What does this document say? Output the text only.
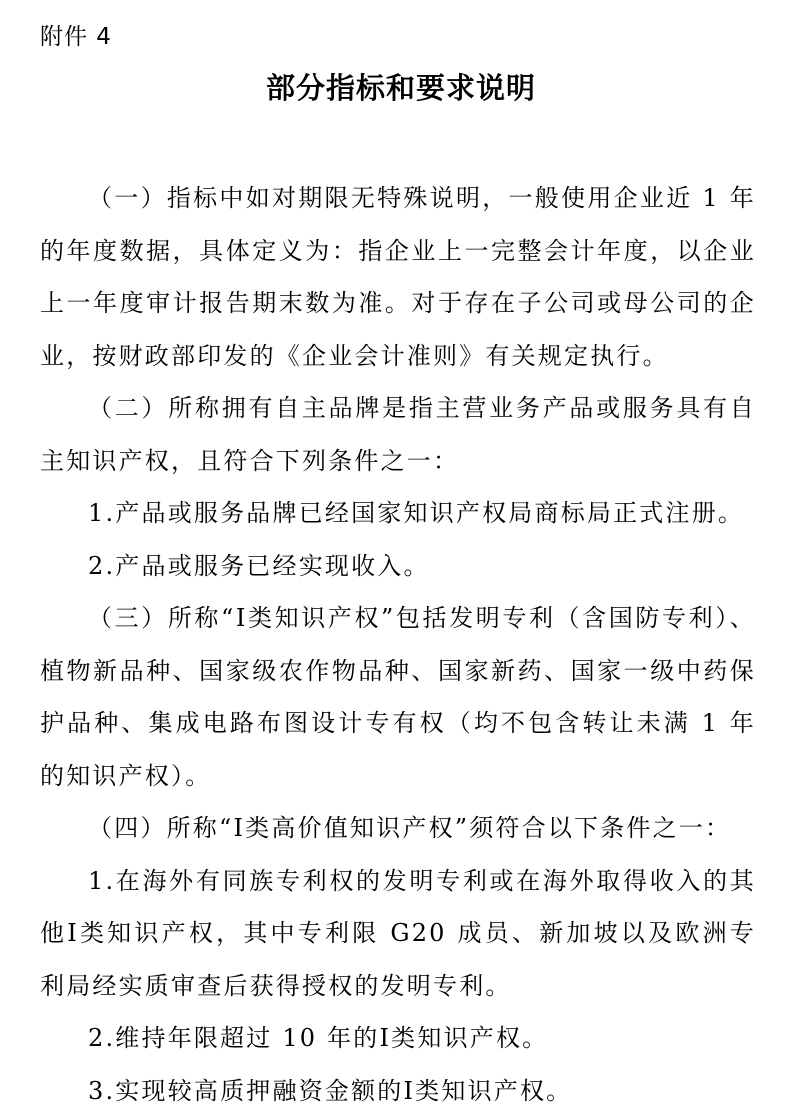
附件 4
部分指标和要求说明

（一）指标中如对期限无特殊说明，一般使用企业近 1 年的年度数据，具体定义为：指企业上一完整会计年度，以企业上一年度审计报告期末数为准。对于存在子公司或母公司的企业，按财政部印发的《企业会计准则》有关规定执行。

（二）所称拥有自主品牌是指主营业务产品或服务具有自主知识产权，且符合下列条件之一：

1.产品或服务品牌已经国家知识产权局商标局正式注册。

2.产品或服务已经实现收入。

（三）所称“Ⅰ类知识产权”包括发明专利（含国防专利）、植物新品种、国家级农作物品种、国家新药、国家一级中药保护品种、集成电路布图设计专有权（均不包含转让未满 1 年的知识产权）。

（四）所称“Ⅰ类高价值知识产权”须符合以下条件之一：

1.在海外有同族专利权的发明专利或在海外取得收入的其他Ⅰ类知识产权，其中专利限 G20 成员、新加坡以及欧洲专利局经实质审查后获得授权的发明专利。

2.维持年限超过 10 年的Ⅰ类知识产权。

3.实现较高质押融资金额的Ⅰ类知识产权。
